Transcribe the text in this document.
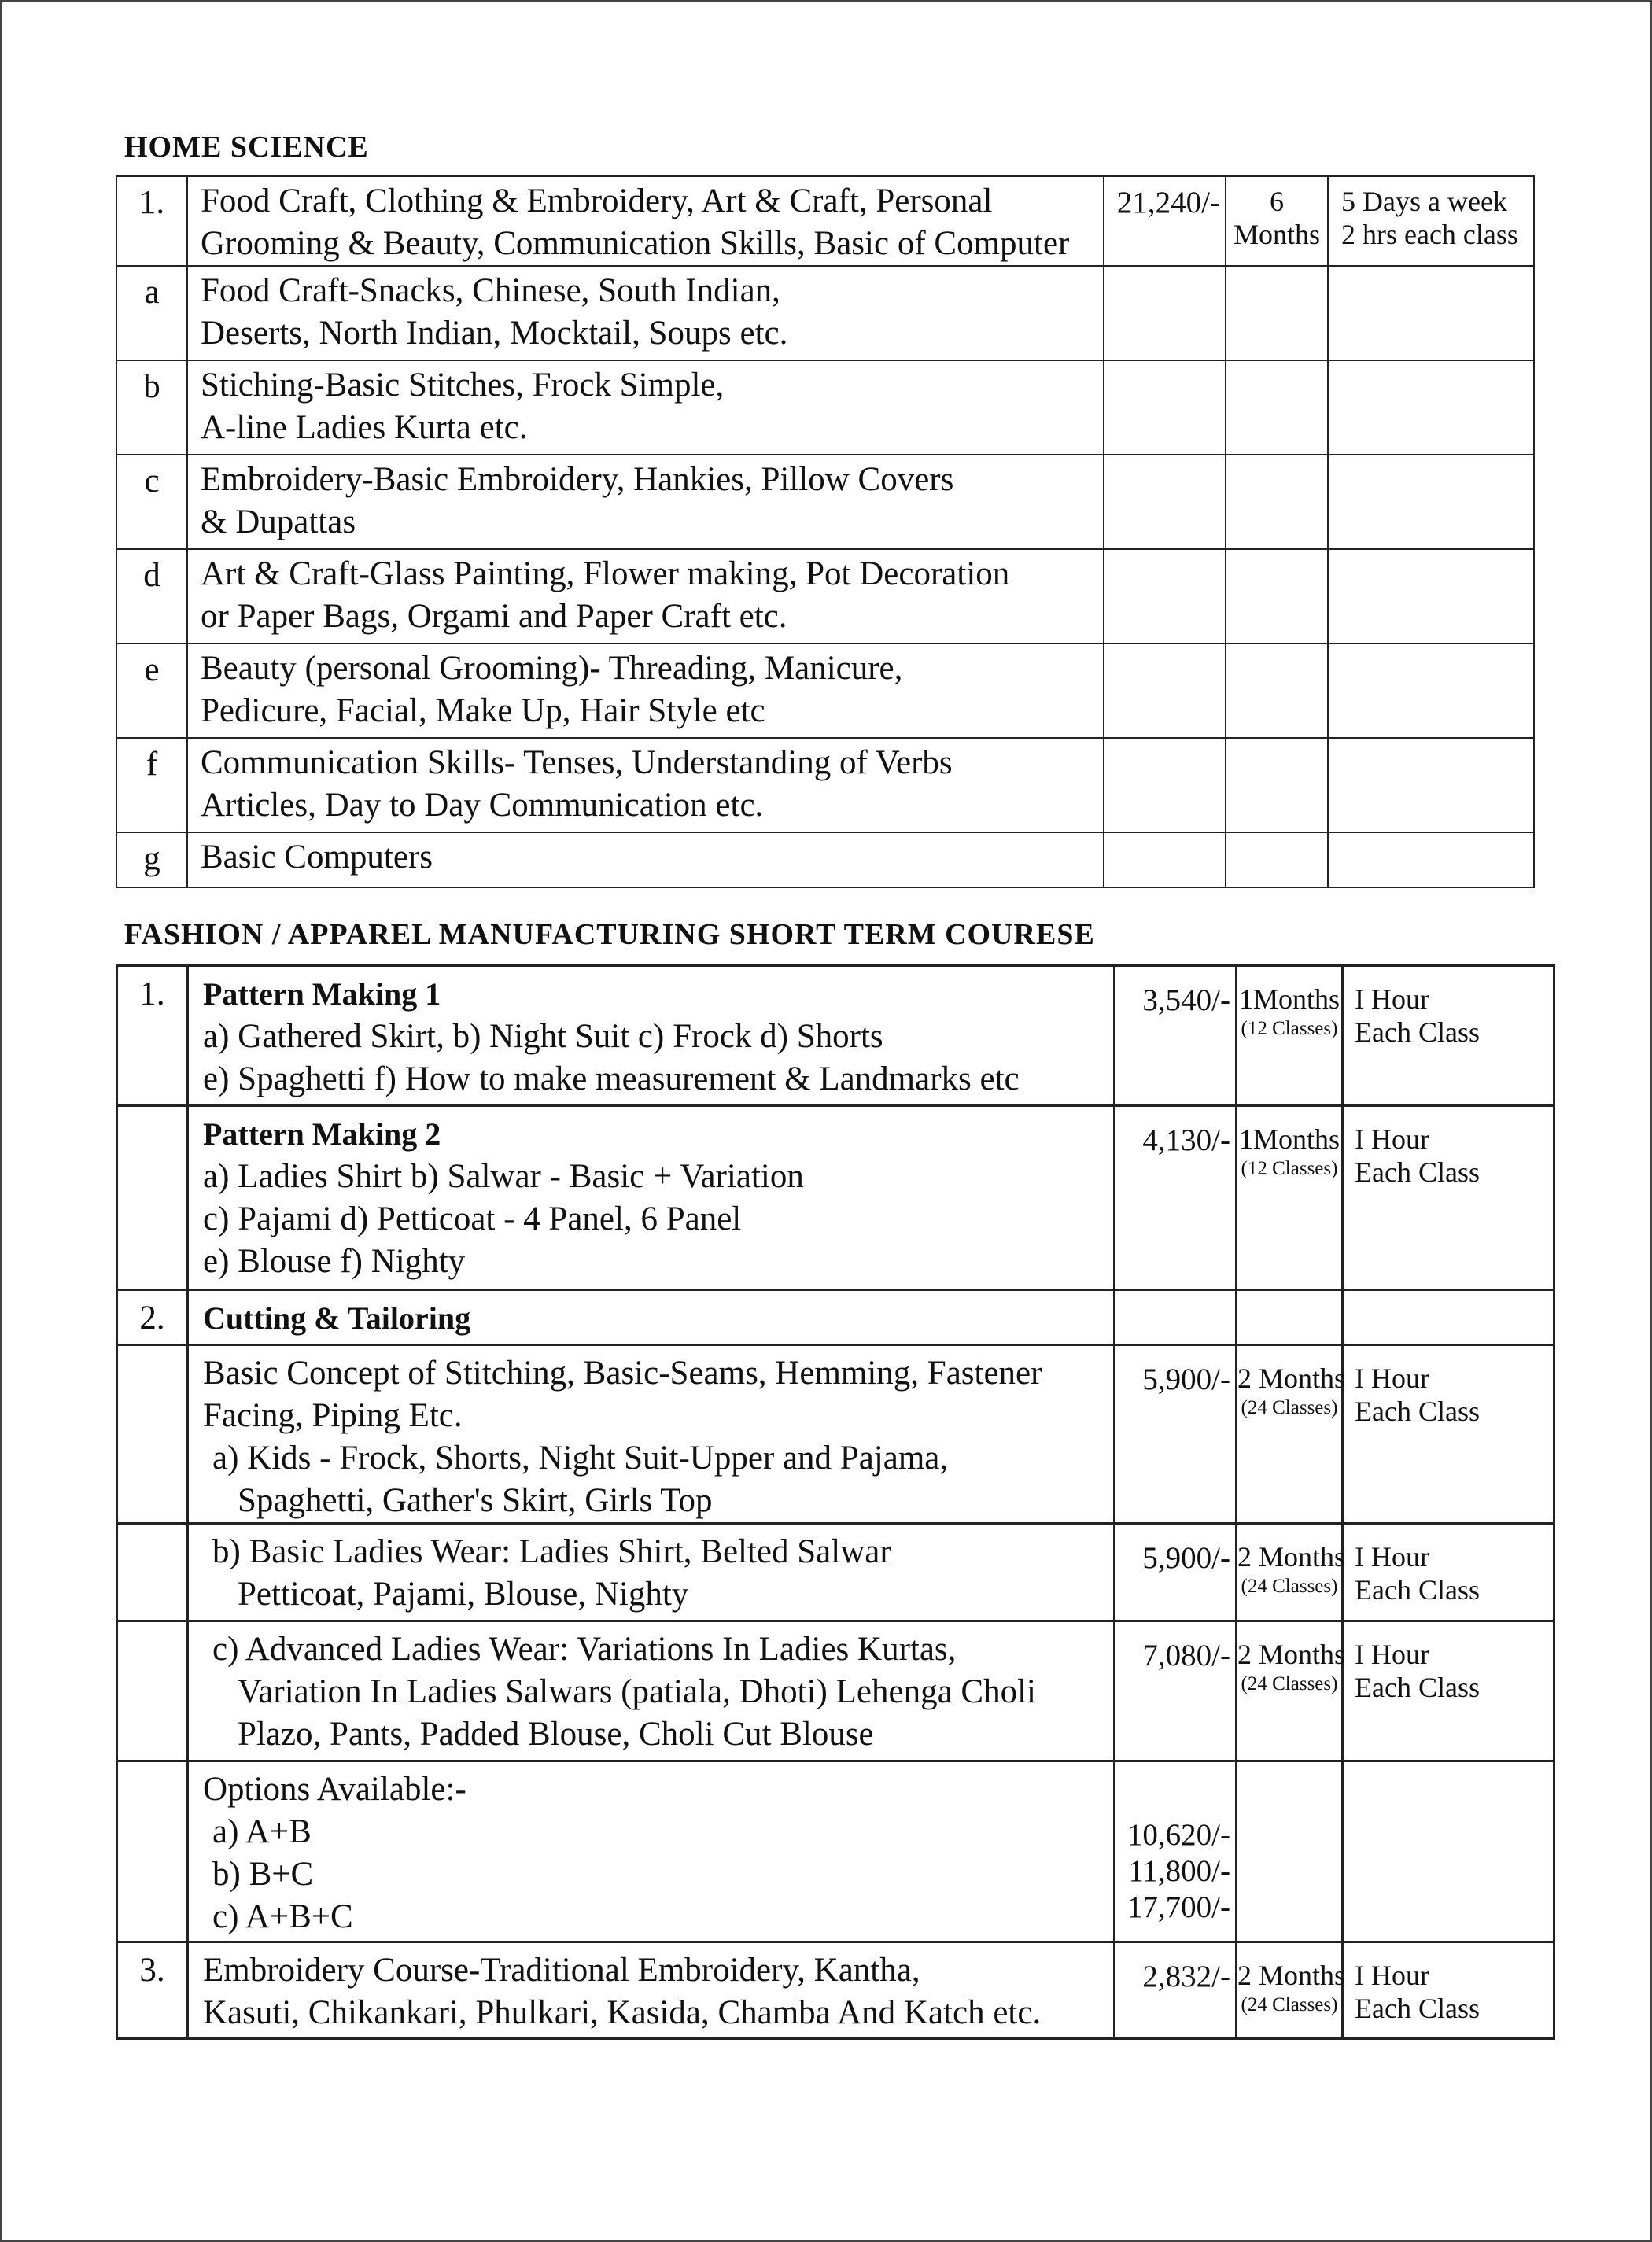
HOME SCIENCE
1.	Food Craft, Clothing & Embroidery, Art & Craft, Personal
Grooming & Beauty, Communication Skills, Basic of Computer	21,240/-	6 Months	5 Days a week
2 hrs each class

a	Food Craft-Snacks, Chinese, South Indian,
Deserts, North Indian, Mocktail, Soups etc.			

b	Stiching-Basic Stitches, Frock Simple,
A-line Ladies Kurta etc.			

c	Embroidery-Basic Embroidery, Hankies, Pillow Covers
& Dupattas			

d	Art & Craft-Glass Painting, Flower making, Pot Decoration
or Paper Bags, Orgami and Paper Craft etc.			

e	Beauty (personal Grooming)- Threading, Manicure,
Pedicure, Facial, Make Up, Hair Style etc			

f	Communication Skills- Tenses, Understanding of Verbs
Articles, Day to Day Communication etc.			

g	Basic Computers			

FASHION / APPAREL MANUFACTURING SHORT TERM COURESE
1.	Pattern Making 1
a) Gathered Skirt, b) Night Suit c) Frock d) Shorts
e) Spaghetti f) How to make measurement & Landmarks etc	3,540/-	1Months
(12 Classes)	I Hour
Each Class

	Pattern Making 2
a) Ladies Shirt b) Salwar - Basic + Variation
c) Pajami d) Petticoat - 4 Panel, 6 Panel
e) Blouse f) Nighty	4,130/-	1Months
(12 Classes)	I Hour
Each Class

2.	Cutting & Tailoring			

	Basic Concept of Stitching, Basic-Seams, Hemming, Fastener
Facing, Piping Etc.
a) Kids - Frock, Shorts, Night Suit-Upper and Pajama,
Spaghetti, Gather's Skirt, Girls Top	5,900/-	2 Months
(24 Classes)	I Hour
Each Class

	b) Basic Ladies Wear: Ladies Shirt, Belted Salwar
Petticoat, Pajami, Blouse, Nighty	5,900/-	2 Months
(24 Classes)	I Hour
Each Class

	c) Advanced Ladies Wear: Variations In Ladies Kurtas,
Variation In Ladies Salwars (patiala, Dhoti) Lehenga Choli
Plazo, Pants, Padded Blouse, Choli Cut Blouse	7,080/-	2 Months
(24 Classes)	I Hour
Each Class

	Options Available:-
a) A+B
b) B+C
c) A+B+C	10,620/-
11,800/-
17,700/-		

3.	Embroidery Course-Traditional Embroidery, Kantha,
Kasuti, Chikankari, Phulkari, Kasida, Chamba And Katch etc.	2,832/-	2 Months
(24 Classes)	I Hour
Each Class
